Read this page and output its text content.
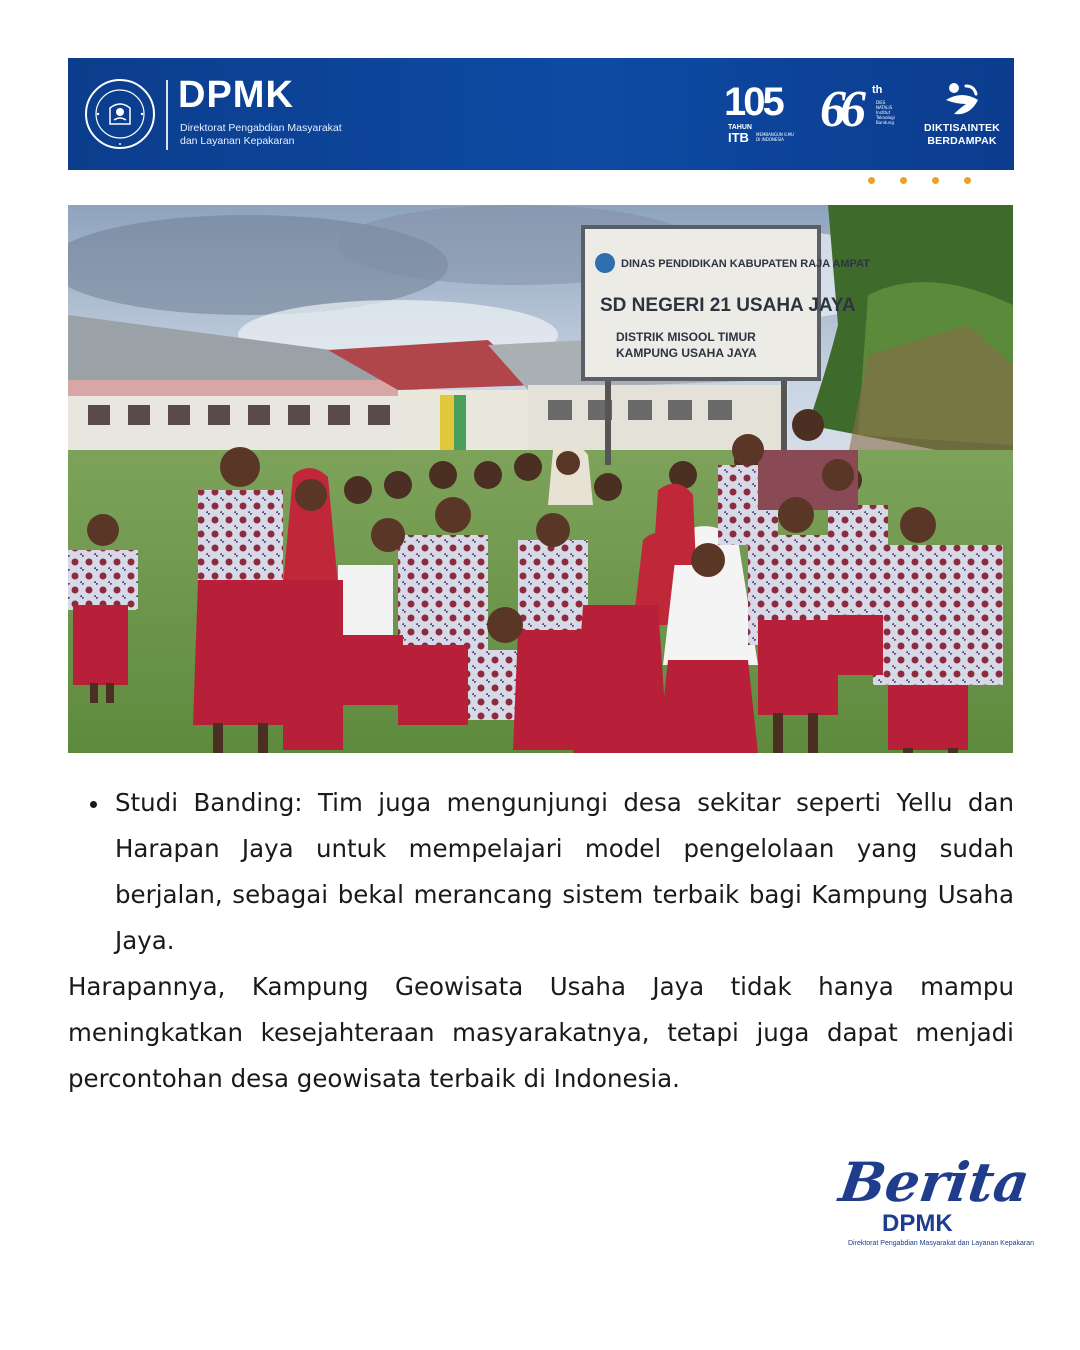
DPMK
Direktorat Pengabdian Masyarakat
dan Layanan Kepakaran
105
TAHUN
ITB MEMBANGUN ILMU DI INDONESIA
66 th
DIES NATALIS Institut Teknologi Bandung	DIKTISAINTEK
BERDAMPAK
DINAS PENDIDIKAN KABUPATEN RAJA AMPAT
SD NEGERI 21 USAHA JAYA
DISTRIK MISOOL TIMUR
KAMPUNG USAHA JAYA
Studi Banding: Tim juga mengunjungi desa sekitar seperti Yellu dan Harapan Jaya untuk mempelajari model pengelolaan yang sudah berjalan, sebagai bekal merancang sistem terbaik bagi Kampung Usaha Jaya.

Harapannya, Kampung Geowisata Usaha Jaya tidak hanya mampu meningkatkan kesejahteraan masyarakatnya, tetapi juga dapat menjadi percontohan desa geowisata terbaik di Indonesia.

Berita
DPMK
Direktorat Pengabdian Masyarakat dan Layanan Kepakaran
